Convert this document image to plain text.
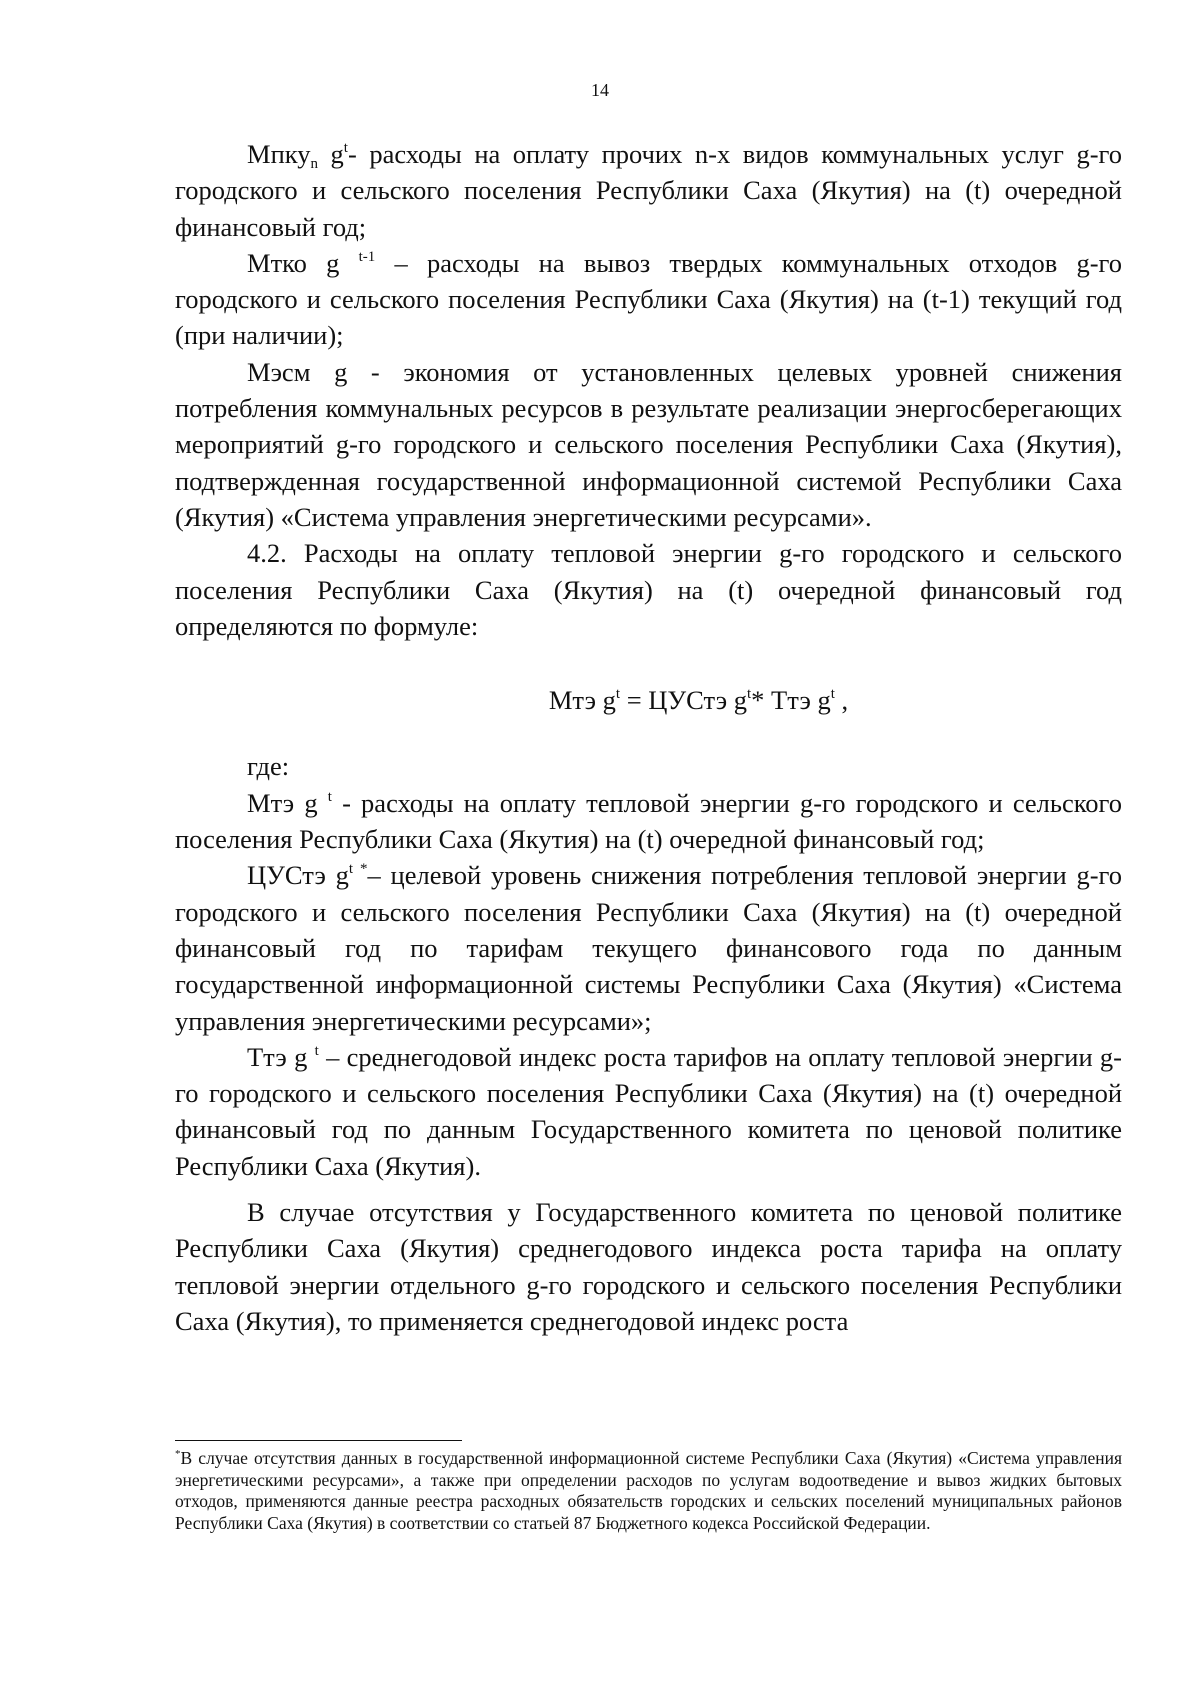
14

Мпку$_n$ $g^t-$ расходы на оплату прочих n-х видов коммунальных услуг g-го городского и сельского поселения Республики Саха (Якутия) на (t) очередной финансовый год;

Мтко g $^{t-1}$ – расходы на вывоз твердых коммунальных отходов g-го городского и сельского поселения Республики Саха (Якутия) на (t-1) текущий год (при наличии);

Мэсм g - экономия от установленных целевых уровней снижения потребления коммунальных ресурсов в результате реализации энергосберегающих мероприятий g-го городского и сельского поселения Республики Саха (Якутия), подтвержденная государственной информационной системой Республики Саха (Якутия) «Система управления энергетическими ресурсами».

4.2. Расходы на оплату тепловой энергии g-го городского и сельского поселения Республики Саха (Якутия) на (t) очередной финансовый год определяются по формуле:

Мтэ $g^t$ = ЦУСтэ $g^t*$ Ттэ $g^t$ ,

где:

Мтэ g $^t$ - расходы на оплату тепловой энергии g-го городского и сельского поселения Республики Саха (Якутия) на (t) очередной финансовый год;

ЦУСтэ $g^{t *}-$ целевой уровень снижения потребления тепловой энергии g-го городского и сельского поселения Республики Саха (Якутия) на (t) очередной финансовый год по тарифам текущего финансового года по данным государственной информационной системы Республики Саха (Якутия) «Система управления энергетическими ресурсами»;

Ттэ g $^t$ – среднегодовой индекс роста тарифов на оплату тепловой энергии g-го городского и сельского поселения Республики Саха (Якутия) на (t) очередной финансовый год по данным Государственного комитета по ценовой политике Республики Саха (Якутия).

В случае отсутствия у Государственного комитета по ценовой политике Республики Саха (Якутия) среднегодового индекса роста тарифа на оплату тепловой энергии отдельного g-го городского и сельского поселения Республики Саха (Якутия), то применяется среднегодовой индекс роста

*В случае отсутствия данных в государственной информационной системе Республики Саха (Якутия) «Система управления энергетическими ресурсами», а также при определении расходов по услугам водоотведение и вывоз жидких бытовых отходов, применяются данные реестра расходных обязательств городских и сельских поселений муниципальных районов Республики Саха (Якутия) в соответствии со статьей 87 Бюджетного кодекса Российской Федерации.
